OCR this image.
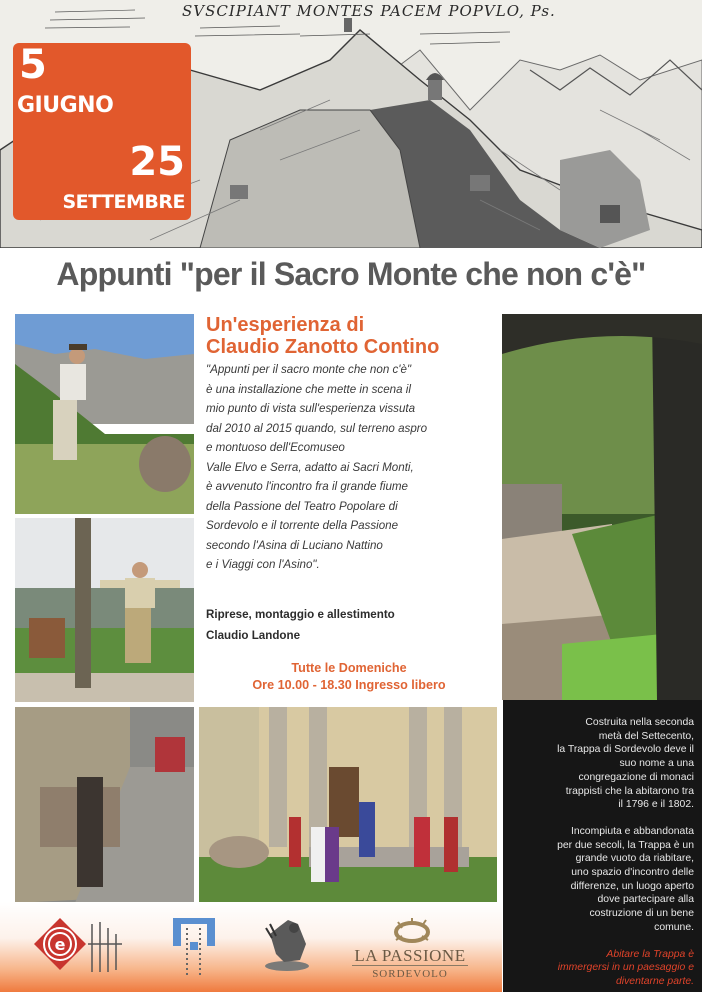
SVSCIPIANT MONTES PACEM POPVLO, Ps.
5
GIUGNO
25
SETTEMBRE
Appunti "per il Sacro Monte che non c'è"
Un'esperienza di
Claudio Zanotto Contino
"Appunti per il sacro monte che non c'è"
è una installazione che mette in scena il
mio punto di vista sull'esperienza vissuta
dal 2010 al 2015 quando, sul terreno aspro
e montuoso dell'Ecomuseo
Valle Elvo e Serra, adatto ai Sacri Monti,
è avvenuto l'incontro fra il grande fiume
della Passione del Teatro Popolare di
Sordevolo e il torrente della Passione
secondo l'Asina di Luciano Nattino
e i Viaggi con l'Asino".
Riprese, montaggio e allestimento
Claudio Landone
Tutte le Domeniche
Ore 10.00 - 18.30 Ingresso libero

Costruita nella seconda
metà del Settecento,
la Trappa di Sordevolo deve il
suo nome a una
congregazione di monaci
trappisti che la abitarono tra
il 1796 e il 1802.

Incompiuta e abbandonata
per due secoli, la Trappa è un
grande vuoto da riabitare,
uno spazio d'incontro delle
differenze, un luogo aperto
dove partecipare alla
costruzione di un bene
comune.

Abitare la Trappa è
immergersi in un paesaggio e
diventarne parte.

e
LA PASSIONE
SORDEVOLO
